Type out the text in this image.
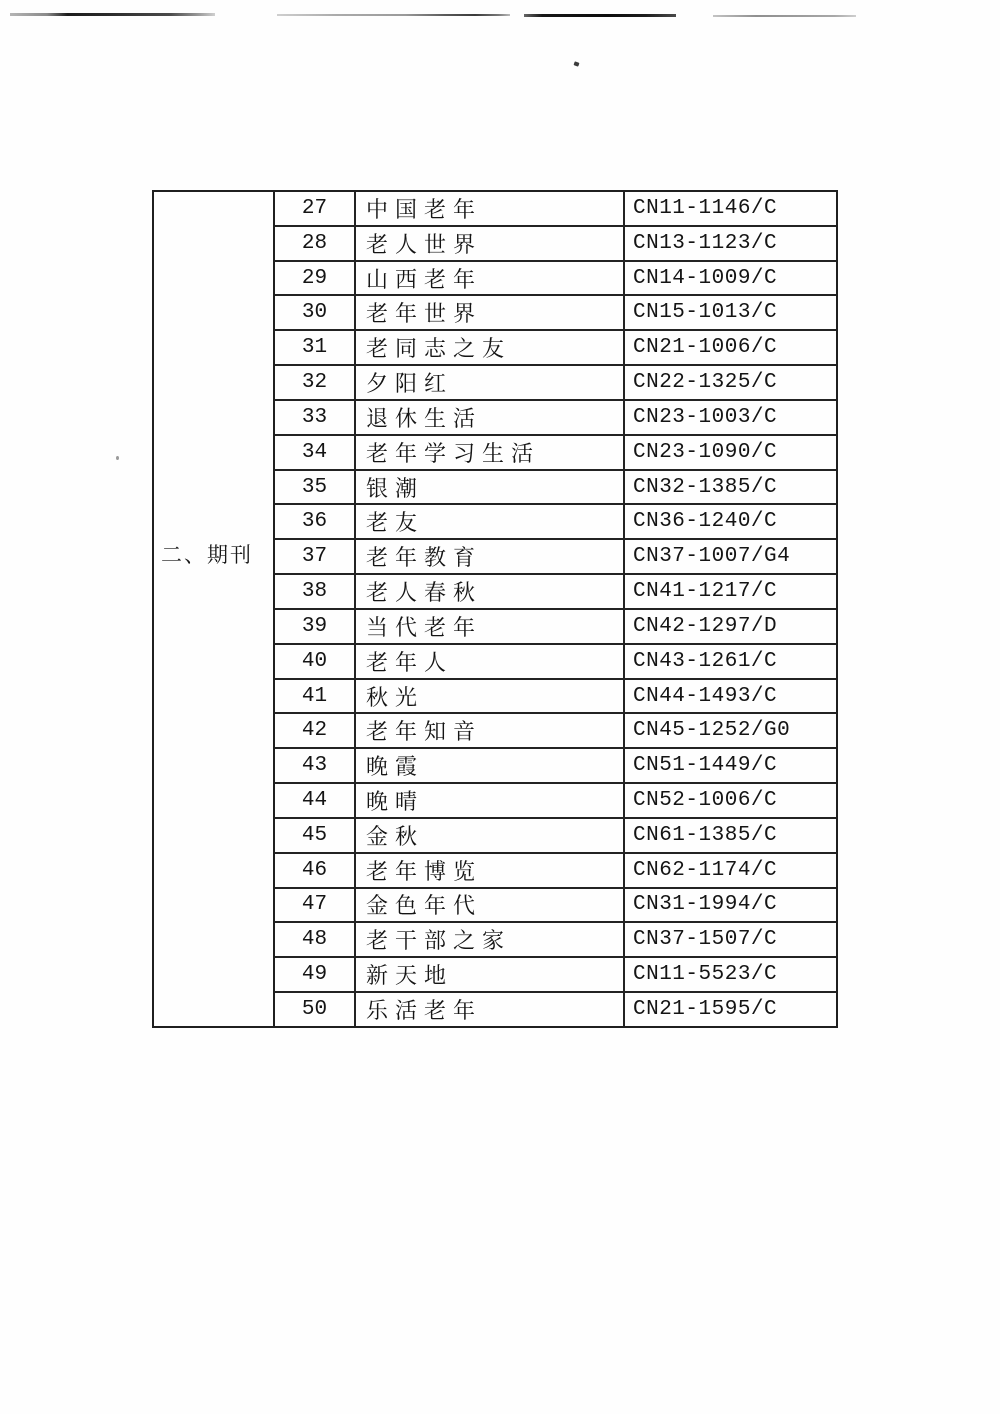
二、期刊
27	中国老年	CN11-1146/C
28	老人世界	CN13-1123/C
29	山西老年	CN14-1009/C
30	老年世界	CN15-1013/C
31	老同志之友	CN21-1006/C
32	夕阳红	CN22-1325/C
33	退休生活	CN23-1003/C
34	老年学习生活	CN23-1090/C
35	银潮	CN32-1385/C
36	老友	CN36-1240/C
37	老年教育	CN37-1007/G4
38	老人春秋	CN41-1217/C
39	当代老年	CN42-1297/D
40	老年人	CN43-1261/C
41	秋光	CN44-1493/C
42	老年知音	CN45-1252/G0
43	晚霞	CN51-1449/C
44	晚晴	CN52-1006/C
45	金秋	CN61-1385/C
46	老年博览	CN62-1174/C
47	金色年代	CN31-1994/C
48	老干部之家	CN37-1507/C
49	新天地	CN11-5523/C
50	乐活老年	CN21-1595/C
